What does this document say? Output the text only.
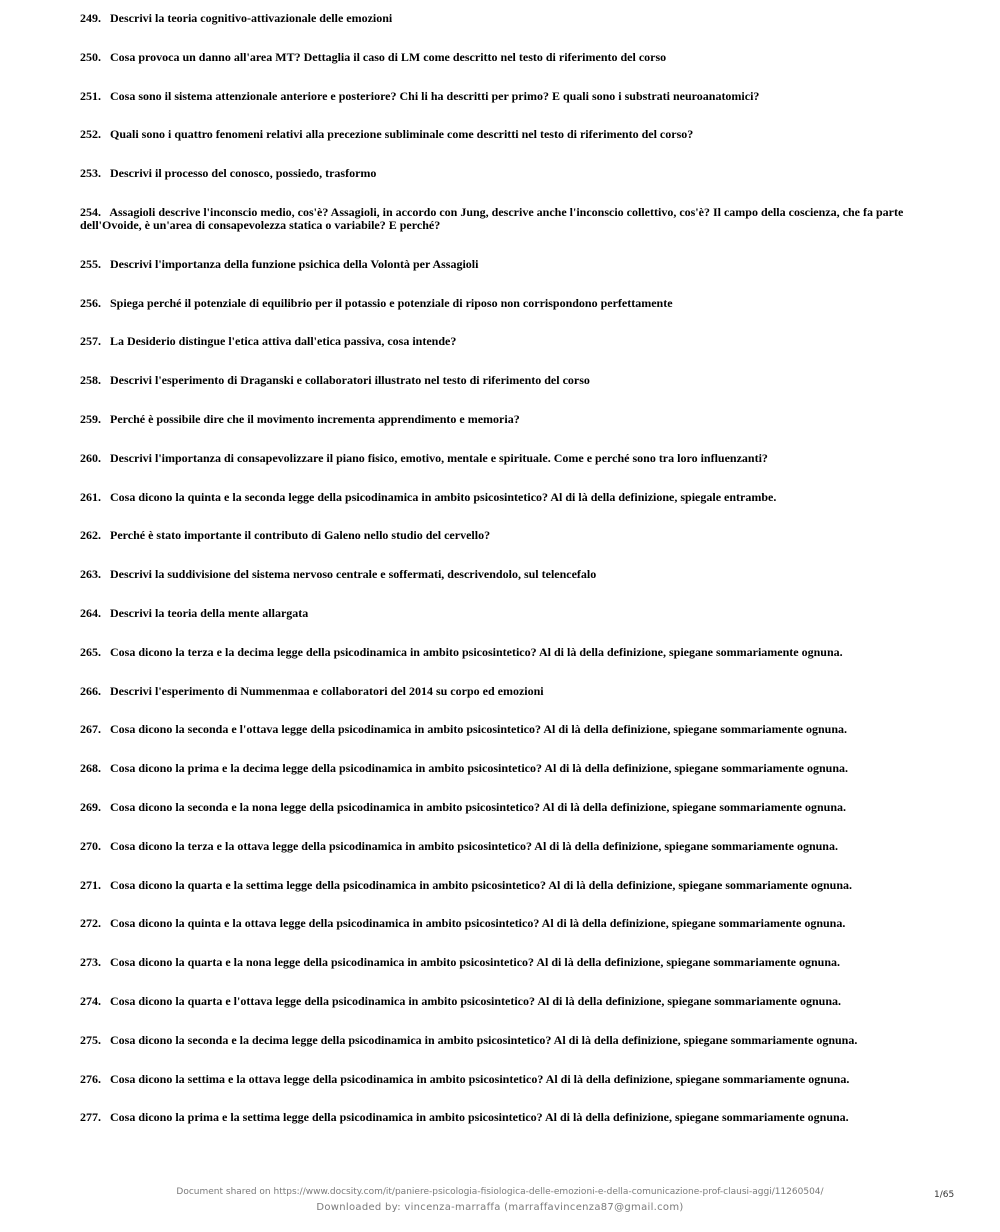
249. Descrivi la teoria cognitivo-attivazionale delle emozioni
250. Cosa provoca un danno all'area MT? Dettaglia il caso di LM come descritto nel testo di riferimento del corso
251. Cosa sono il sistema attenzionale anteriore e posteriore? Chi li ha descritti per primo? E quali sono i substrati neuroanatomici?
252. Quali sono i quattro fenomeni relativi alla precezione subliminale come descritti nel testo di riferimento del corso?
253. Descrivi il processo del conosco, possiedo, trasformo
254. Assagioli descrive l'inconscio medio, cos'è? Assagioli, in accordo con Jung, descrive anche l'inconscio collettivo, cos'è? Il campo della coscienza, che fa parte dell'Ovoide, è un'area di consapevolezza statica o variabile? E perché?
255. Descrivi l'importanza della funzione psichica della Volontà per Assagioli
256. Spiega perché il potenziale di equilibrio per il potassio e potenziale di riposo non corrispondono perfettamente
257. La Desiderio distingue l'etica attiva dall'etica passiva, cosa intende?
258. Descrivi l'esperimento di Draganski e collaboratori illustrato nel testo di riferimento del corso
259. Perché è possibile dire che il movimento incrementa apprendimento e memoria?
260. Descrivi l'importanza di consapevolizzare il piano fisico, emotivo, mentale e spirituale. Come e perché sono tra loro influenzanti?
261. Cosa dicono la quinta e la seconda legge della psicodinamica in ambito psicosintetico? Al di là della definizione, spiegale entrambe.
262. Perché è stato importante il contributo di Galeno nello studio del cervello?
263. Descrivi la suddivisione del sistema nervoso centrale e soffermati, descrivendolo, sul telencefalo
264. Descrivi la teoria della mente allargata
265. Cosa dicono la terza e la decima legge della psicodinamica in ambito psicosintetico? Al di là della definizione, spiegane sommariamente ognuna.
266. Descrivi l'esperimento di Nummenmaa e collaboratori del 2014 su corpo ed emozioni
267. Cosa dicono la seconda e l'ottava legge della psicodinamica in ambito psicosintetico? Al di là della definizione, spiegane sommariamente ognuna.
268. Cosa dicono la prima e la decima legge della psicodinamica in ambito psicosintetico? Al di là della definizione, spiegane sommariamente ognuna.
269. Cosa dicono la seconda e la nona legge della psicodinamica in ambito psicosintetico? Al di là della definizione, spiegane sommariamente ognuna.
270. Cosa dicono la terza e la ottava legge della psicodinamica in ambito psicosintetico? Al di là della definizione, spiegane sommariamente ognuna.
271. Cosa dicono la quarta e la settima legge della psicodinamica in ambito psicosintetico? Al di là della definizione, spiegane sommariamente ognuna.
272. Cosa dicono la quinta e la ottava legge della psicodinamica in ambito psicosintetico? Al di là della definizione, spiegane sommariamente ognuna.
273. Cosa dicono la quarta e la nona legge della psicodinamica in ambito psicosintetico? Al di là della definizione, spiegane sommariamente ognuna.
274. Cosa dicono la quarta e l'ottava legge della psicodinamica in ambito psicosintetico? Al di là della definizione, spiegane sommariamente ognuna.
275. Cosa dicono la seconda e la decima legge della psicodinamica in ambito psicosintetico? Al di là della definizione, spiegane sommariamente ognuna.
276. Cosa dicono la settima e la ottava legge della psicodinamica in ambito psicosintetico? Al di là della definizione, spiegane sommariamente ognuna.
277. Cosa dicono la prima e la settima legge della psicodinamica in ambito psicosintetico? Al di là della definizione, spiegane sommariamente ognuna.
Document shared on https://www.docsity.com/it/paniere-psicologia-fisiologica-delle-emozioni-e-della-comunicazione-prof-clausi-aggi/11260504/
Downloaded by: vincenza-marraffa (marraffavincenza87@gmail.com)
1/65
